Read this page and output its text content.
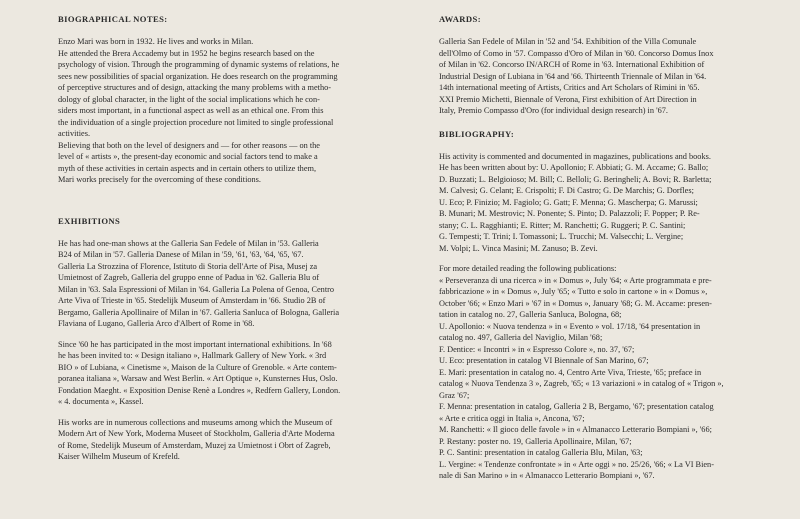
BIOGRAPHICAL NOTES:
Enzo Mari was born in 1932. He lives and works in Milan.
He attended the Brera Accademy but in 1952 he begins research based on the
psychology of vision. Through the programming of dynamic systems of relations, he
sees new possibilities of spacial organization. He does research on the programming
of perceptive structures and of design, attacking the many problems with a metho-
dology of global character, in the light of the social implications which he con-
siders most important, in a functional aspect as well as an ethical one. From this
the individuation of a single projection procedure not limited to single professional
activities.
Believing that both on the level of designers and — for other reasons — on the
level of « artists », the present-day economic and social factors tend to make a
myth of these activities in certain aspects and in certain others to utilize them,
Mari works precisely for the overcoming of these conditions.
EXHIBITIONS
He has had one-man shows at the Galleria San Fedele of Milan in '53. Galleria
B24 of Milan in '57. Galleria Danese of Milan in '59, '61, '63, '64, '65, '67.
Galleria La Strozzina of Florence, Istituto di Storia dell'Arte of Pisa, Musej za
Umietnost of Zagreb, Galleria del gruppo enne of Padua in '62. Galleria Blu of
Milan in '63. Sala Espressioni of Milan in '64. Galleria La Polena of Genoa, Centro
Arte Viva of Trieste in '65. Stedelijk Museum of Amsterdam in '66. Studio 2B of
Bergamo, Galleria Apollinaire of Milan in '67. Galleria Sanluca of Bologna, Galleria
Flaviana of Lugano, Galleria Arco d'Albert of Rome in '68.
Since '60 he has participated in the most important international exhibitions. In '68
he has been invited to: « Design italiano », Hallmark Gallery of New York. « 3rd
BIO » of Lubiana, « Cinetisme », Maison de la Culture of Grenoble. « Arte contem-
poranea italiana », Warsaw and West Berlin. « Art Optique », Kunsternes Hus, Oslo.
Fondation Maeght. « Exposition Denise Renè a Londres », Redfern Gallery, London.
« 4. documenta », Kassel.
His works are in numerous collections and museums among which the Museum of
Modern Art of New York, Moderna Museet of Stockholm, Galleria d'Arte Moderna
of Rome, Stedelijk Museum of Amsterdam, Muzej za Umietnost i Obrt of Zagreb,
Kaiser Wilhelm Museum of Krefeld.
AWARDS:
Galleria San Fedele of Milan in '52 and '54. Exhibition of the Villa Comunale
dell'Olmo of Como in '57. Compasso d'Oro of Milan in '60. Concorso Domus Inox
of Milan in '62. Concorso IN/ARCH of Rome in '63. International Exhibition of
Industrial Design of Lubiana in '64 and '66. Thirteenth Triennale of Milan in '64.
14th international meeting of Artists, Critics and Art Scholars of Rimini in '65.
XXI Premio Michetti, Biennale of Verona, First exhibition of Art Direction in
Italy, Premio Compasso d'Oro (for individual design research) in '67.
BIBLIOGRAPHY:
His activity is commented and documented in magazines, publications and books.
He has been written about by: U. Apollonio; F. Abbiati; G. M. Accame; G. Ballo;
D. Buzzati; L. Belgioioso; M. Bill; C. Belloli; G. Beringheli; A. Bovi; R. Barletta;
M. Calvesi; G. Celant; E. Crispolti; F. Di Castro; G. De Marchis; G. Dorfles;
U. Eco; P. Finizio; M. Fagiolo; G. Gatt; F. Menna; G. Mascherpa; G. Marussi;
B. Munari; M. Mestrovic; N. Ponente; S. Pinto; D. Palazzoli; F. Popper; P. Re-
stany; C. L. Ragghianti; E. Ritter; M. Ranchetti; G. Ruggeri; P. C. Santini;
G. Tempesti; T. Trini; I. Tomassoni; L. Trucchi; M. Valsecchi; L. Vergine;
M. Volpi; L. Vinca Masini; M. Zanuso; B. Zevi.
For more detailed reading the following publications:
« Perseveranza di una ricerca » in « Domus », July '64; « Arte programmata e pre-
fabbricazione » in « Domus », July '65; « Tutto e solo in cartone » in « Domus »,
October '66; « Enzo Mari » '67 in « Domus », January '68; G. M. Accame: presen-
tation in catalog no. 27, Galleria Sanluca, Bologna, 68;
U. Apollonio: « Nuova tendenza » in « Evento » vol. 17/18, '64 presentation in
catalog no. 497, Galleria del Naviglio, Milan '68;
F. Dentice: « Incontri » in « Espresso Colore », no. 37, '67;
U. Eco: presentation in catalog VI Biennale of San Marino, 67;
E. Mari: presentation in catalog no. 4, Centro Arte Viva, Trieste, '65; preface in
catalog « Nuova Tendenza 3 », Zagreb, '65; « 13 variazioni » in catalog of « Trigon »,
Graz '67;
F. Menna: presentation in catalog, Galleria 2 B, Bergamo, '67; presentation catalog
« Arte e critica oggi in Italia », Ancona, '67;
M. Ranchetti: « Il gioco delle favole » in « Almanacco Letterario Bompiani », '66;
P. Restany: poster no. 19, Galleria Apollinaire, Milan, '67;
P. C. Santini: presentation in catalog Galleria Blu, Milan, '63;
L. Vergine: « Tendenze confrontate » in « Arte oggi » no. 25/26, '66; « La VI Bien-
nale di San Marino » in « Almanacco Letterario Bompiani », '67.
